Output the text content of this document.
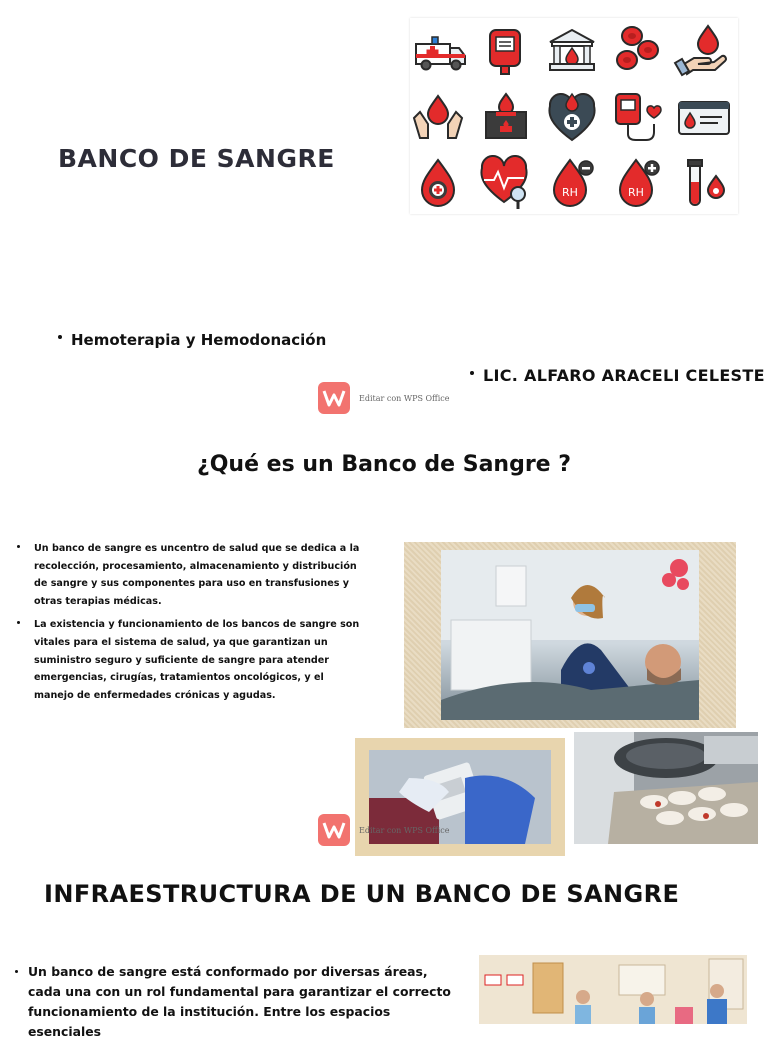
BANCO DE SANGRE
RH	RH

Hemoterapia y Hemodonación

LIC. ALFARO ARACELI CELESTE

Editar con WPS Office
¿Qué es un Banco de Sangre ?

Un banco de sangre es uncentro de salud que se dedica a la recolección, procesamiento, almacenamiento y distribución de sangre y sus componentes para uso en transfusiones y otras terapias médicas.

La existencia y funcionamiento de los bancos de sangre son vitales para el sistema de salud, ya que garantizan un suministro seguro y suficiente de sangre para atender emergencias, cirugías, tratamientos oncológicos, y el manejo de enfermedades crónicas y agudas.

Editar con WPS Office
INFRAESTRUCTURA DE UN BANCO DE SANGRE

Un banco de sangre está conformado por diversas áreas, cada una con un rol fundamental para garantizar el correcto funcionamiento de la institución. Entre los espacios esenciales
